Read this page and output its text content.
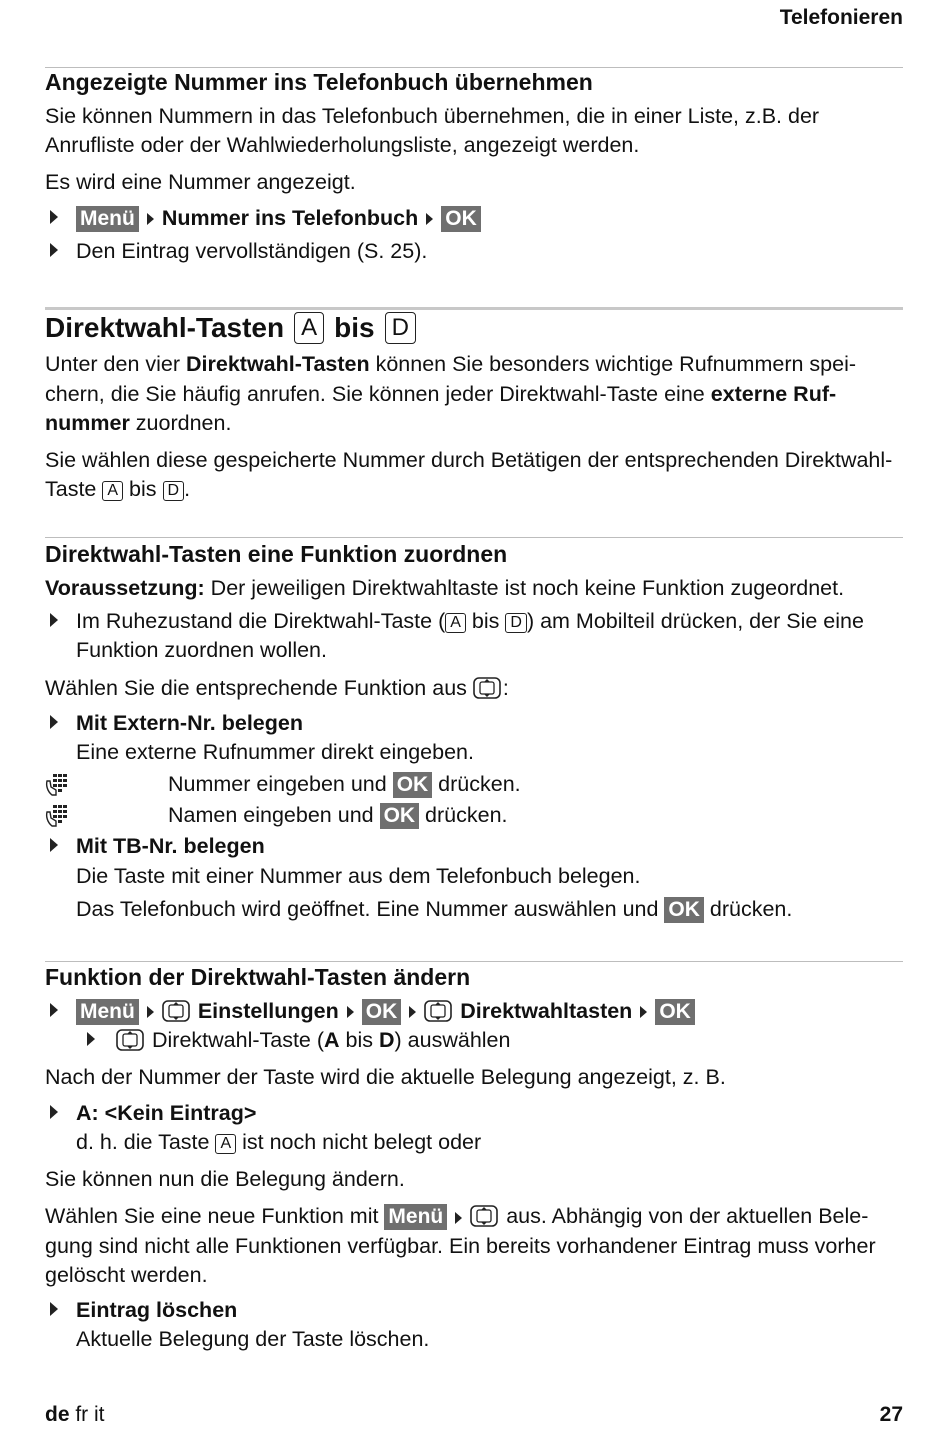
Telefonieren
Angezeigte Nummer ins Telefonbuch übernehmen

Sie können Nummern in das Telefonbuch übernehmen, die in einer Liste, z.B. der Anrufliste oder der Wahlwiederholungsliste, angezeigt werden.

Es wird eine Nummer angezeigt.

Menü Nummer ins Telefonbuch OK
Den Eintrag vervollständigen (S. 25).
Direktwahl-Tasten A bis D

Unter den vier Direktwahl-Tasten können Sie besonders wichtige Rufnummern speichern, die Sie häufig anrufen. Sie können jeder Direktwahl-Taste eine externe Rufnummer zuordnen.

Sie wählen diese gespeicherte Nummer durch Betätigen der entsprechenden Direktwahl-Taste A bis D .

Direktwahl-Tasten eine Funktion zuordnen

Voraussetzung: Der jeweiligen Direktwahltaste ist noch keine Funktion zugeordnet.

Im Ruhezustand die Direktwahl-Taste ( A bis D ) am Mobilteil drücken, der Sie eine Funktion zuordnen wollen.

Wählen Sie die entsprechende Funktion aus :

Mit Extern-Nr. belegen
Eine externe Rufnummer direkt eingeben.
Nummer eingeben und OK drücken.
Namen eingeben und OK drücken.
Mit TB-Nr. belegen
Die Taste mit einer Nummer aus dem Telefonbuch belegen.
Das Telefonbuch wird geöffnet. Eine Nummer auswählen und OK drücken.
Funktion der Direktwahl-Tasten ändern
Menü	Einstellungen OK	Direktwahltasten OK
Direktwahl-Taste (A bis D) auswählen

Nach der Nummer der Taste wird die aktuelle Belegung angezeigt, z. B.

A: <Kein Eintrag>
d. h. die Taste A ist noch nicht belegt oder

Sie können nun die Belegung ändern.

Wählen Sie eine neue Funktion mit Menü	aus. Abhängig von der aktuellen Belegung sind nicht alle Funktionen verfügbar. Ein bereits vorhandener Eintrag muss vorher gelöscht werden.

Eintrag löschen
Aktuelle Belegung der Taste löschen.
de fr it	27
